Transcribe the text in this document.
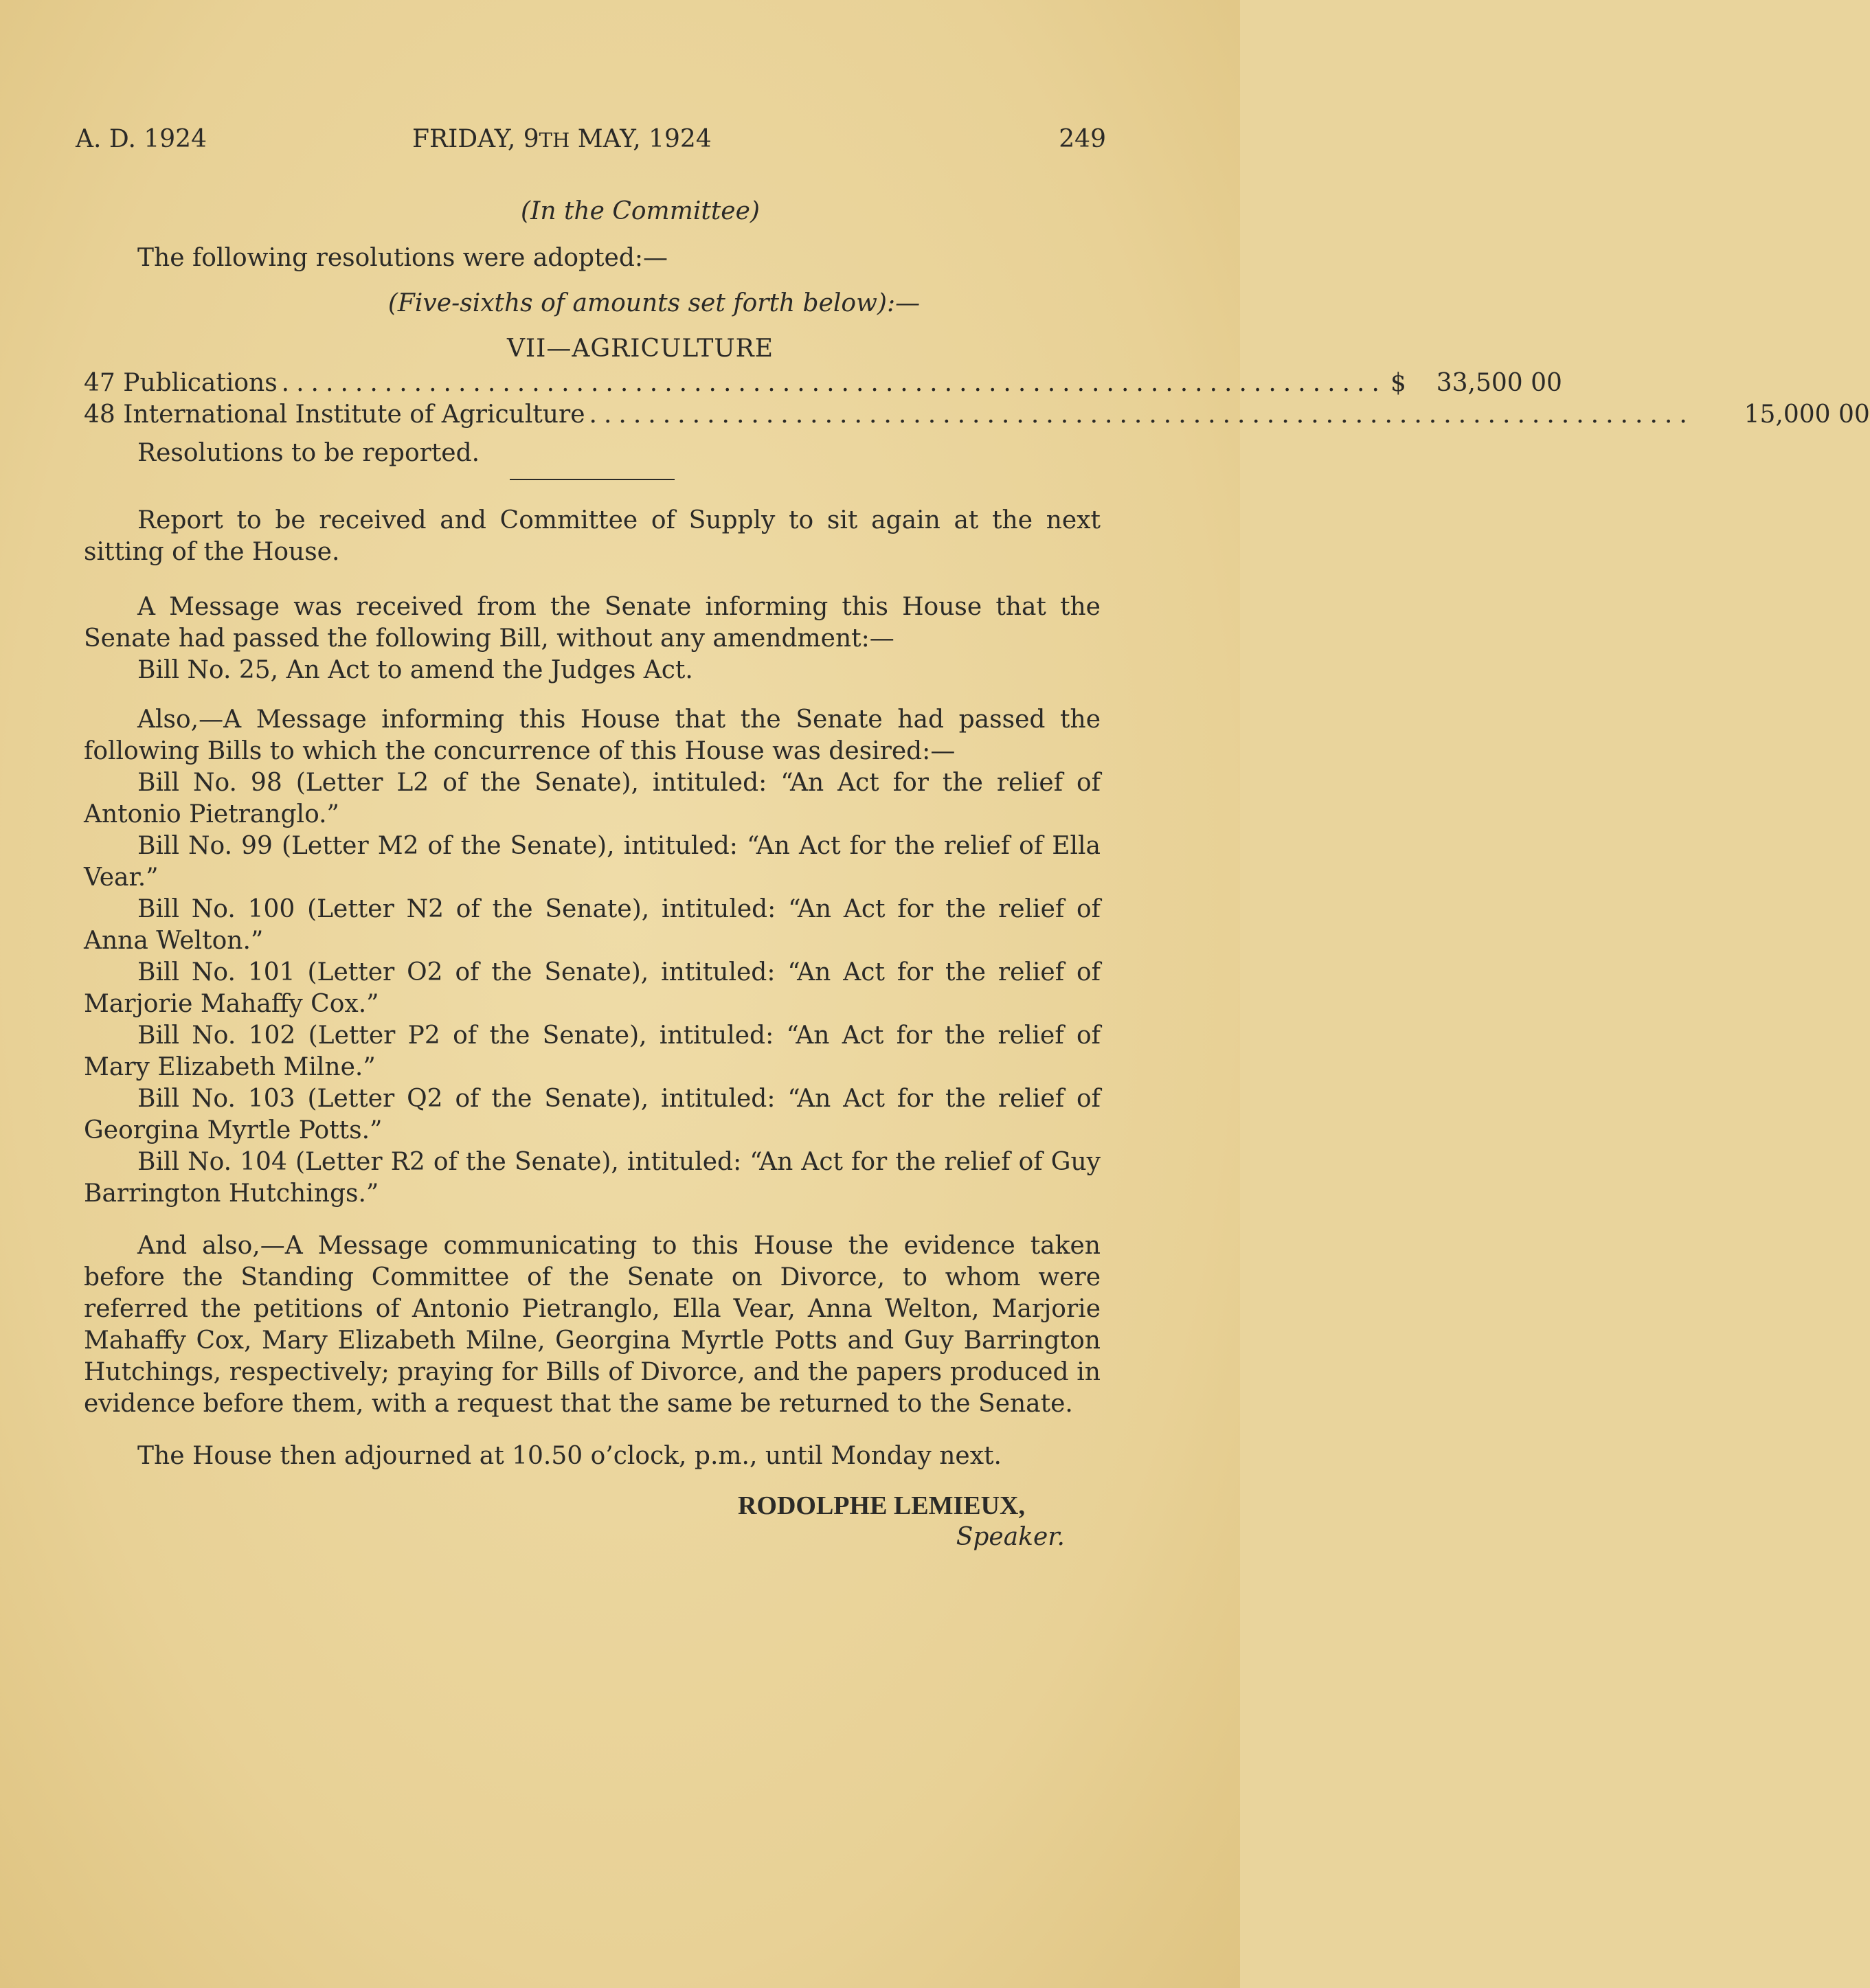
A. D. 1924	FRIDAY, 9TH MAY, 1924	249

(In the Committee)

The following resolutions were adopted:—

(Five-sixths of amounts set forth below):—

VII—AGRICULTURE

47 Publications ........................................................................... $	33,500 00
48 International Institute of Agriculture ...........................................................................	15,000 00

Resolutions to be reported.

Report to be received and Committee of Supply to sit again at the next sitting of the House.

A Message was received from the Senate informing this House that the Senate had passed the following Bill, without any amendment:—

Bill No. 25, An Act to amend the Judges Act.

Also,—A Message informing this House that the Senate had passed the following Bills to which the concurrence of this House was desired:—

Bill No. 98 (Letter L2 of the Senate), intituled: “An Act for the relief of Antonio Pietranglo.”

Bill No. 99 (Letter M2 of the Senate), intituled: “An Act for the relief of Ella Vear.”

Bill No. 100 (Letter N2 of the Senate), intituled: “An Act for the relief of Anna Welton.”

Bill No. 101 (Letter O2 of the Senate), intituled: “An Act for the relief of Marjorie Mahaffy Cox.”

Bill No. 102 (Letter P2 of the Senate), intituled: “An Act for the relief of Mary Elizabeth Milne.”

Bill No. 103 (Letter Q2 of the Senate), intituled: “An Act for the relief of Georgina Myrtle Potts.”

Bill No. 104 (Letter R2 of the Senate), intituled: “An Act for the relief of Guy Barrington Hutchings.”

And also,—A Message communicating to this House the evidence taken before the Standing Committee of the Senate on Divorce, to whom were referred the petitions of Antonio Pietranglo, Ella Vear, Anna Welton, Marjorie Mahaffy Cox, Mary Elizabeth Milne, Georgina Myrtle Potts and Guy Barrington Hutchings, respectively; praying for Bills of Divorce, and the papers produced in evidence before them, with a request that the same be returned to the Senate.

The House then adjourned at 10.50 o’clock, p.m., until Monday next.

RODOLPHE LEMIEUX,

Speaker.
